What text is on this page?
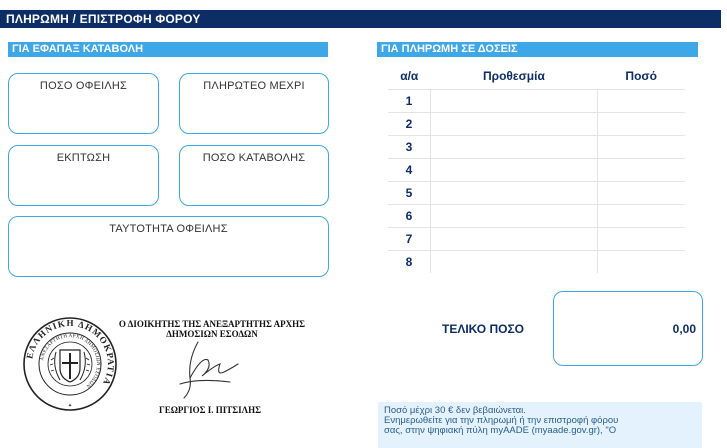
ΠΛΗΡΩΜΗ / ΕΠΙΣΤΡΟΦΗ ΦΟΡΟΥ
ΓΙΑ ΕΦΑΠΑΞ ΚΑΤΑΒΟΛΗ
ΠΟΣΟ ΟΦΕΙΛΗΣ	ΠΛΗΡΩΤΕΟ ΜΕΧΡΙ
ΕΚΠΤΩΣΗ	ΠΟΣΟ ΚΑΤΑΒΟΛΗΣ
ΤΑΥΤΟΤΗΤΑ ΟΦΕΙΛΗΣ
ΓΙΑ ΠΛΗΡΩΜΗ ΣΕ ΔΟΣΕΙΣ
α/α	Προθεσμία	Ποσό
1		
2		
3		
4		
5		
6		
7		
8		
ΕΛΛΗΝΙΚΗ ΔΗΜΟΚΡΑΤΙΑ
ΑΝΕΞΑΡΤΗΤΗ ΑΡΧΗ ΔΗΜΟΣΙΩΝ ΕΣΟΔΩΝ
✦
Ο ΔΙΟΙΚΗΤΗΣ ΤΗΣ ΑΝΕΞΑΡΤΗΤΗΣ ΑΡΧΗΣ
ΔΗΜΟΣΙΩΝ ΕΣΟΔΩΝ
ΓΕΩΡΓΙΟΣ Ι. ΠΙΤΣΙΛΗΣ
ΤΕΛΙΚΟ ΠΟΣΟ	0,00
Ποσό μέχρι 30 € δεν βεβαιώνεται.
Ενημερωθείτε για την πληρωμή ή την επιστροφή φόρου
σας, στην ψηφιακή πύλη myAADE (myaade.gov.gr), "Ο
